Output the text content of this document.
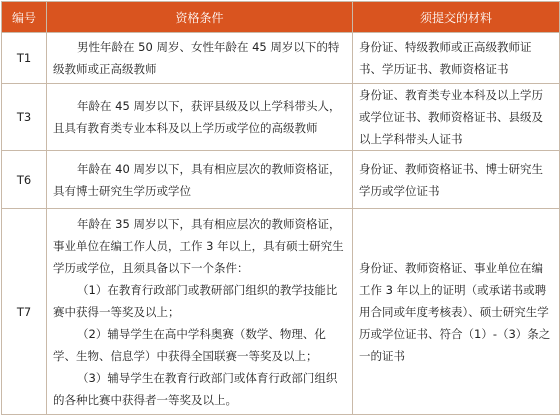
编号	资格条件	须提交的材料
T1	男性年龄在 50 周岁、女性年龄在 45 周岁以下的特级教师或正高级教师	身份证、特级教师或正高级教师证书、学历证书、教师资格证书
T3	年龄在 45 周岁以下，获评县级及以上学科带头人，且具有教育类专业本科及以上学历或学位的高级教师	身份证、教育类专业本科及以上学历或学位证书、教师资格证书、县级及以上学科带头人证书
T6	年龄在 40 周岁以下，具有相应层次的教师资格证，具有博士研究生学历或学位	身份证、教师资格证书、博士研究生学历或学位证书
T7	年龄在 35 周岁以下，具有相应层次的教师资格证，事业单位在编工作人员，工作 3 年以上，具有硕士研究生学历或学位，且须具备以下一个条件：
（1）在教育行政部门或教研部门组织的教学技能比赛中获得一等奖及以上；
（2）辅导学生在高中学科奥赛（数学、物理、化学、生物、信息学）中获得全国联赛一等奖及以上；
（3）辅导学生在教育行政部门或体育行政部门组织的各种比赛中获得者一等奖及以上。	身份证、教师资格证、事业单位在编工作 3 年以上的证明（或承诺书或聘用合同或年度考核表）、硕士研究生学历或学位证书、符合（1）-（3）条之一的证书
